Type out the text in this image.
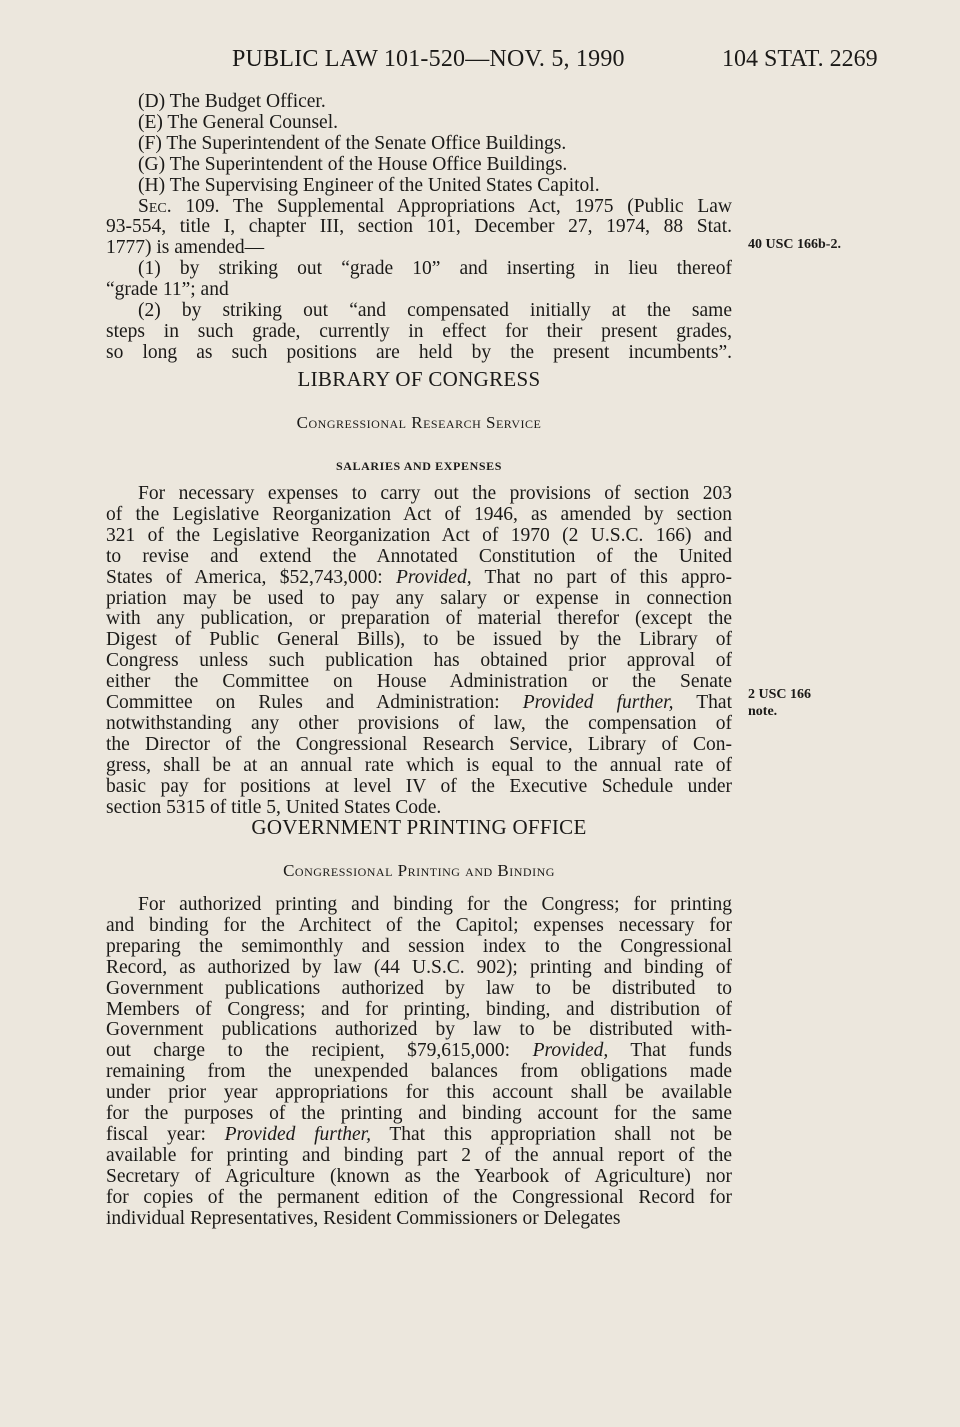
PUBLIC LAW 101-520—NOV. 5, 1990	104 STAT. 2269
(D) The Budget Officer.
(E) The General Counsel.
(F) The Superintendent of the Senate Office Buildings.
(G) The Superintendent of the House Office Buildings.
(H) The Supervising Engineer of the United States Capitol.
Sec. 109. The Supplemental Appropriations Act, 1975 (Public Law
93-554, title I, chapter III, section 101, December 27, 1974, 88 Stat.
1777) is amended—
(1) by striking out “grade 10” and inserting in lieu thereof
“grade 11”; and
(2) by striking out “and compensated initially at the same
steps in such grade, currently in effect for their present grades,
so long as such positions are held by the present incumbents”.
40 USC 166b-2.
LIBRARY OF CONGRESS
Congressional Research Service
SALARIES AND EXPENSES
For necessary expenses to carry out the provisions of section 203
of the Legislative Reorganization Act of 1946, as amended by section
321 of the Legislative Reorganization Act of 1970 (2 U.S.C. 166) and
to revise and extend the Annotated Constitution of the United
States of America, $52,743,000: Provided, That no part of this appro-
priation may be used to pay any salary or expense in connection
with any publication, or preparation of material therefor (except the
Digest of Public General Bills), to be issued by the Library of
Congress unless such publication has obtained prior approval of
either the Committee on House Administration or the Senate
Committee on Rules and Administration: Provided further, That
notwithstanding any other provisions of law, the compensation of
the Director of the Congressional Research Service, Library of Con-
gress, shall be at an annual rate which is equal to the annual rate of
basic pay for positions at level IV of the Executive Schedule under
section 5315 of title 5, United States Code.
2 USC 166
note.
GOVERNMENT PRINTING OFFICE
Congressional Printing and Binding
For authorized printing and binding for the Congress; for printing
and binding for the Architect of the Capitol; expenses necessary for
preparing the semimonthly and session index to the Congressional
Record, as authorized by law (44 U.S.C. 902); printing and binding of
Government publications authorized by law to be distributed to
Members of Congress; and for printing, binding, and distribution of
Government publications authorized by law to be distributed with-
out charge to the recipient, $79,615,000: Provided, That funds
remaining from the unexpended balances from obligations made
under prior year appropriations for this account shall be available
for the purposes of the printing and binding account for the same
fiscal year: Provided further, That this appropriation shall not be
available for printing and binding part 2 of the annual report of the
Secretary of Agriculture (known as the Yearbook of Agriculture) nor
for copies of the permanent edition of the Congressional Record for
individual Representatives, Resident Commissioners or Delegates
